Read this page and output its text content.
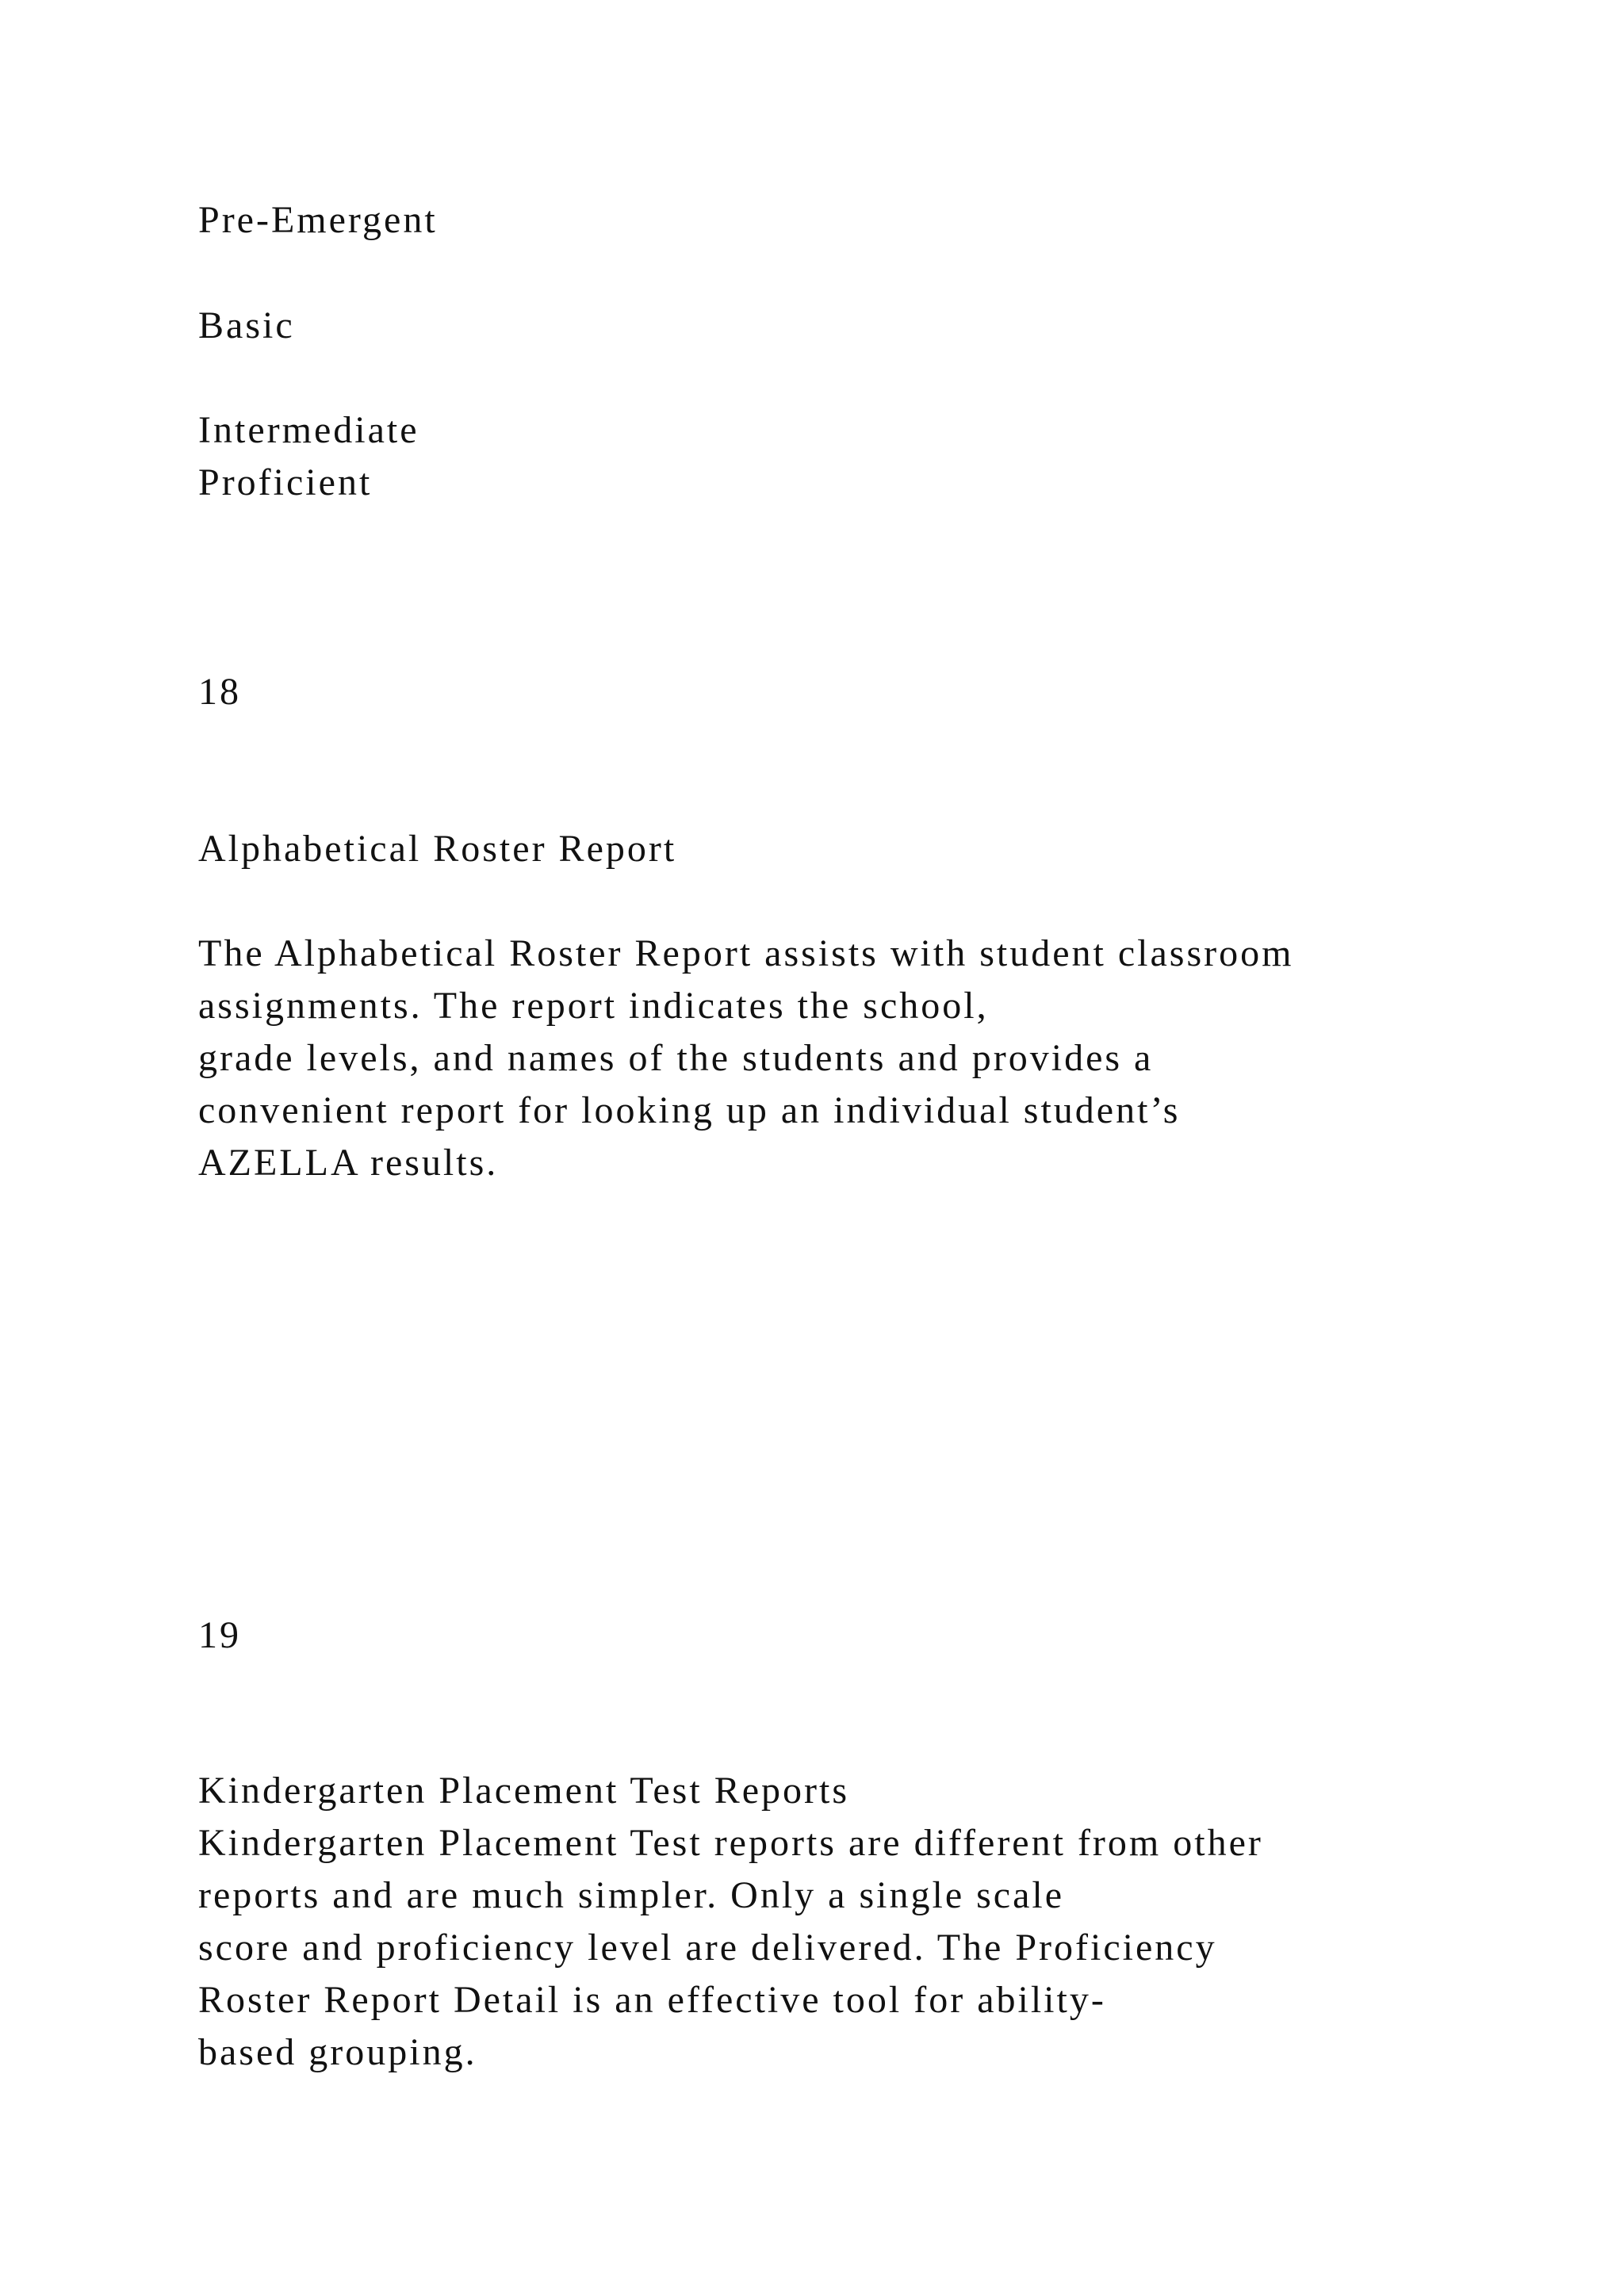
Pre-Emergent

Basic

Intermediate

Proficient

18

Alphabetical Roster Report

The Alphabetical Roster Report assists with student classroom

assignments. The report indicates the school,

grade levels, and names of the students and provides a

convenient report for looking up an individual student’s

AZELLA results.

19

Kindergarten Placement Test Reports

Kindergarten Placement Test reports are different from other

reports and are much simpler. Only a single scale

score and proficiency level are delivered. The Proficiency

Roster Report Detail is an effective tool for ability-

based grouping.
